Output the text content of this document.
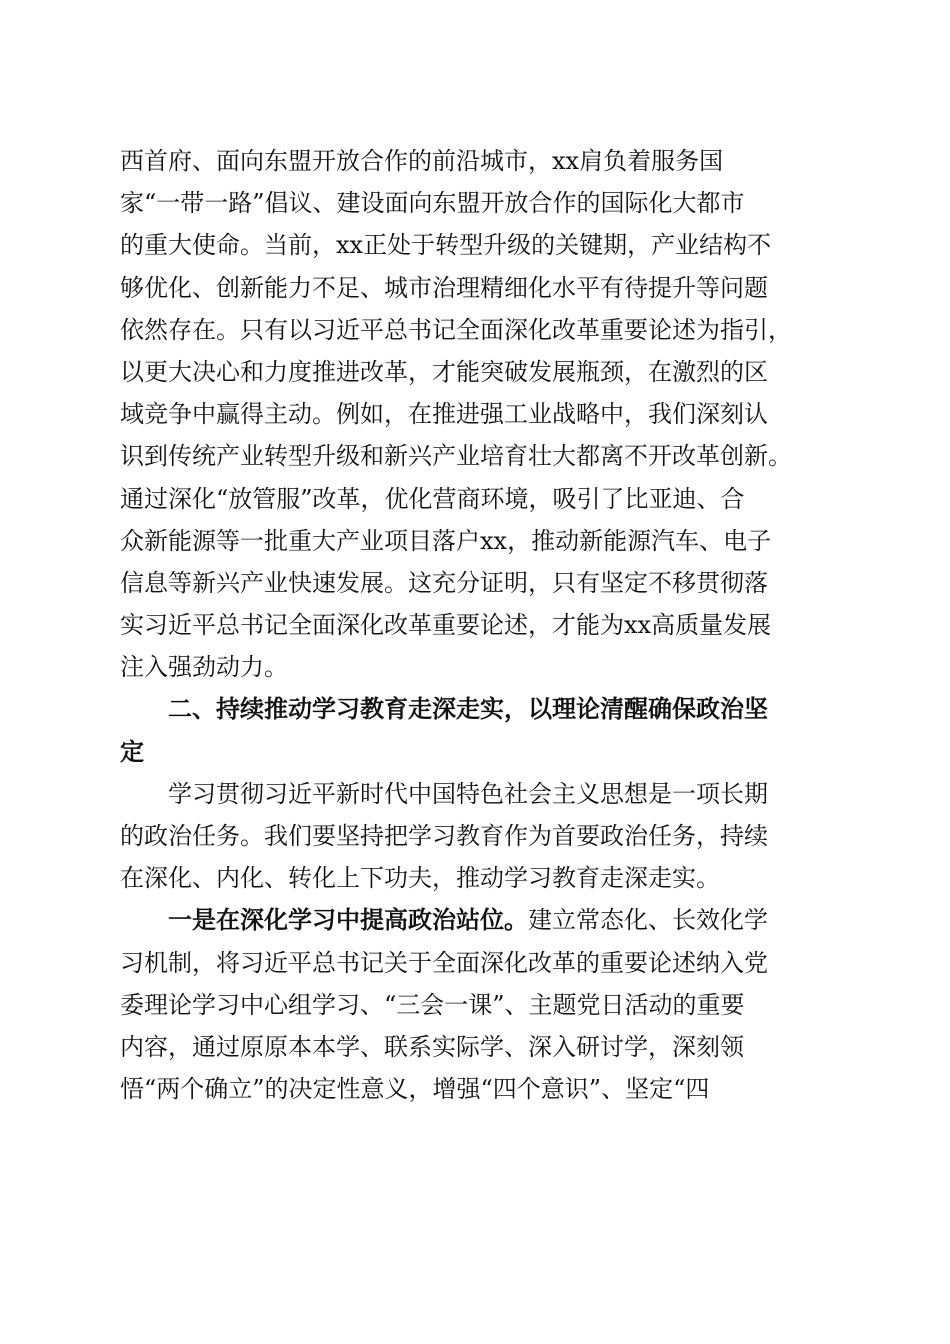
西首府、面向东盟开放合作的前沿城市，xx肩负着服务国
家“一带一路”倡议、建设面向东盟开放合作的国际化大都市
的重大使命。当前，xx正处于转型升级的关键期，产业结构不
够优化、创新能力不足、城市治理精细化水平有待提升等问题
依然存在。只有以习近平总书记全面深化改革重要论述为指引，
以更大决心和力度推进改革，才能突破发展瓶颈，在激烈的区
域竞争中赢得主动。例如，在推进强工业战略中，我们深刻认
识到传统产业转型升级和新兴产业培育壮大都离不开改革创新。
通过深化“放管服”改革，优化营商环境，吸引了比亚迪、合
众新能源等一批重大产业项目落户xx，推动新能源汽车、电子
信息等新兴产业快速发展。这充分证明，只有坚定不移贯彻落
实习近平总书记全面深化改革重要论述，才能为xx高质量发展
注入强劲动力。
二、持续推动学习教育走深走实，以理论清醒确保政治坚
定
学习贯彻习近平新时代中国特色社会主义思想是一项长期
的政治任务。我们要坚持把学习教育作为首要政治任务，持续
在深化、内化、转化上下功夫，推动学习教育走深走实。
一是在深化学习中提高政治站位。建立常态化、长效化学
习机制，将习近平总书记关于全面深化改革的重要论述纳入党
委理论学习中心组学习、“三会一课”、主题党日活动的重要
内容，通过原原本本学、联系实际学、深入研讨学，深刻领
悟“两个确立”的决定性意义，增强“四个意识”、坚定“四
